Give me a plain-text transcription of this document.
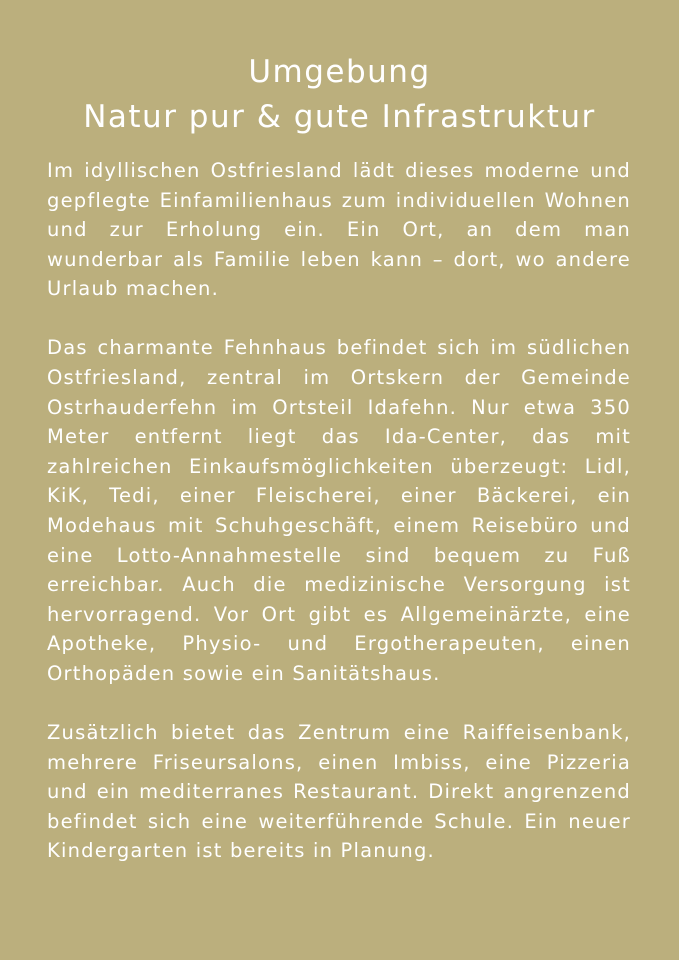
Umgebung
Natur pur & gute Infrastruktur

Im idyllischen Ostfriesland lädt dieses moderne und gepflegte Einfamilienhaus zum individuellen Wohnen und zur Erholung ein. Ein Ort, an dem man wunderbar als Familie leben kann – dort, wo andere Urlaub machen.

Das charmante Fehnhaus befindet sich im südlichen Ostfriesland, zentral im Ortskern der Gemeinde Ostrhauderfehn im Ortsteil Idafehn. Nur etwa 350 Meter entfernt liegt das Ida-Center, das mit zahlreichen Einkaufsmöglichkeiten überzeugt: Lidl, KiK, Tedi, einer Fleischerei, einer Bäckerei, ein Modehaus mit Schuhgeschäft, einem Reisebüro und eine Lotto-Annahmestelle sind bequem zu Fuß erreichbar. Auch die medizinische Versorgung ist hervorragend. Vor Ort gibt es Allgemeinärzte, eine Apotheke, Physio- und Ergotherapeuten, einen Orthopäden sowie ein Sanitätshaus.

Zusätzlich bietet das Zentrum eine Raiffeisenbank, mehrere Friseursalons, einen Imbiss, eine Pizzeria und ein mediterranes Restaurant. Direkt angrenzend befindet sich eine weiterführende Schule. Ein neuer Kindergarten ist bereits in Planung.
